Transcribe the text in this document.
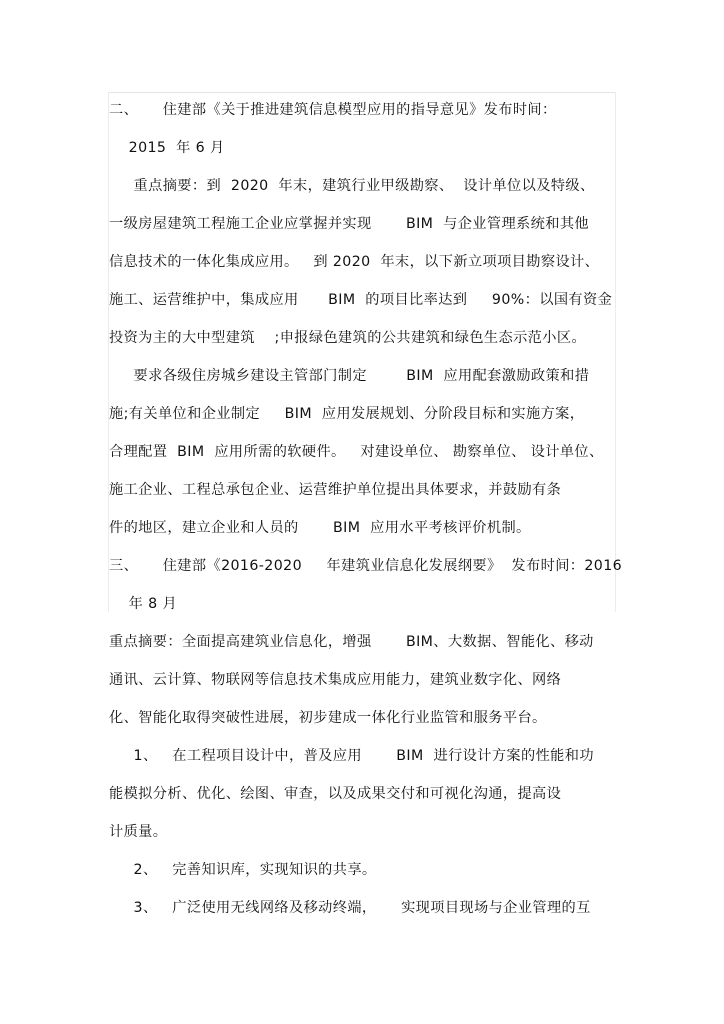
二、     住建部《关于推进建筑信息模型应用的指导意见》发布时间：
2015  年 6 月
重点摘要：到  2020  年末，建筑行业甲级勘察、  设计单位以及特级、
一级房屋建筑工程施工企业应掌握并实现       BIM  与企业管理系统和其他
信息技术的一体化集成应用。   到 2020  年末，以下新立项项目勘察设计、
施工、运营维护中，集成应用      BIM  的项目比率达到     90%：以国有资金
投资为主的大中型建筑    ;申报绿色建筑的公共建筑和绿色生态示范小区。
要求各级住房城乡建设主管部门制定        BIM  应用配套激励政策和措
施;有关单位和企业制定     BIM  应用发展规划、分阶段目标和实施方案，
合理配置  BIM  应用所需的软硬件。   对建设单位、 勘察单位、 设计单位、
施工企业、工程总承包企业、运营维护单位提出具体要求，并鼓励有条
件的地区，建立企业和人员的       BIM  应用水平考核评价机制。
三、     住建部《2016-2020     年建筑业信息化发展纲要》  发布时间：2016
年 8 月
重点摘要：全面提高建筑业信息化，增强       BIM、大数据、智能化、移动
通讯、云计算、物联网等信息技术集成应用能力，建筑业数字化、网络
化、智能化取得突破性进展，初步建成一体化行业监管和服务平台。
1、   在工程项目设计中，普及应用       BIM  进行设计方案的性能和功
能模拟分析、优化、绘图、审查，以及成果交付和可视化沟通，提高设
计质量。
2、   完善知识库，实现知识的共享。
3、   广泛使用无线网络及移动终端，     实现项目现场与企业管理的互
